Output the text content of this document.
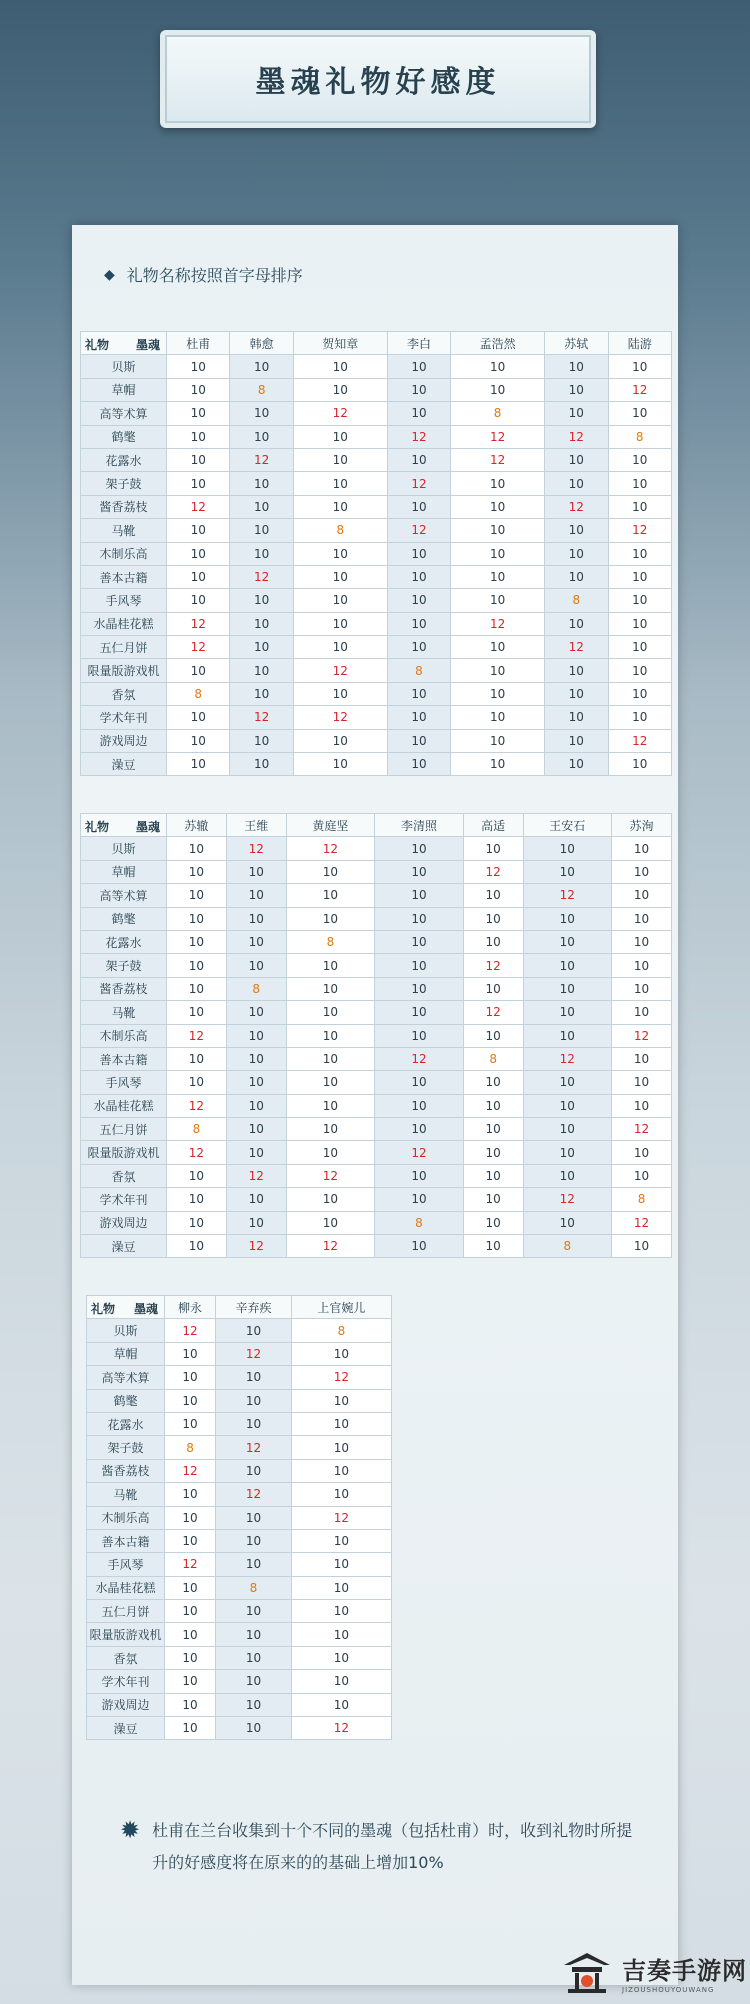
墨魂礼物好感度
◆ 礼物名称按照首字母排序
礼物 墨魂	杜甫	韩愈	贺知章	李白	孟浩然	苏轼	陆游
贝斯	10	10	10	10	10	10	10
草帽	10	8	10	10	10	10	12
高等术算	10	10	12	10	8	10	10
鹤氅	10	10	10	12	12	12	8
花露水	10	12	10	10	12	10	10
架子鼓	10	10	10	12	10	10	10
酱香荔枝	12	10	10	10	10	12	10
马靴	10	10	8	12	10	10	12
木制乐高	10	10	10	10	10	10	10
善本古籍	10	12	10	10	10	10	10
手风琴	10	10	10	10	10	8	10
水晶桂花糕	12	10	10	10	12	10	10
五仁月饼	12	10	10	10	10	12	10
限量版游戏机	10	10	12	8	10	10	10
香氛	8	10	10	10	10	10	10
学术年刊	10	12	12	10	10	10	10
游戏周边	10	10	10	10	10	10	12
澡豆	10	10	10	10	10	10	10
礼物 墨魂	苏辙	王维	黄庭坚	李清照	高适	王安石	苏洵
贝斯	10	12	12	10	10	10	10
草帽	10	10	10	10	12	10	10
高等术算	10	10	10	10	10	12	10
鹤氅	10	10	10	10	10	10	10
花露水	10	10	8	10	10	10	10
架子鼓	10	10	10	10	12	10	10
酱香荔枝	10	8	10	10	10	10	10
马靴	10	10	10	10	12	10	10
木制乐高	12	10	10	10	10	10	12
善本古籍	10	10	10	12	8	12	10
手风琴	10	10	10	10	10	10	10
水晶桂花糕	12	10	10	10	10	10	10
五仁月饼	8	10	10	10	10	10	12
限量版游戏机	12	10	10	12	10	10	10
香氛	10	12	12	10	10	10	10
学术年刊	10	10	10	10	10	12	8
游戏周边	10	10	10	8	10	10	12
澡豆	10	12	12	10	10	8	10
礼物 墨魂	柳永	辛弃疾	上官婉儿
贝斯	12	10	8
草帽	10	12	10
高等术算	10	10	12
鹤氅	10	10	10
花露水	10	10	10
架子鼓	8	12	10
酱香荔枝	12	10	10
马靴	10	12	10
木制乐高	10	10	12
善本古籍	10	10	10
手风琴	12	10	10
水晶桂花糕	10	8	10
五仁月饼	10	10	10
限量版游戏机	10	10	10
香氛	10	10	10
学术年刊	10	10	10
游戏周边	10	10	10
澡豆	10	10	12
✹ 杜甫在兰台收集到十个不同的墨魂（包括杜甫）时，收到礼物时所提升的好感度将在原来的的基础上增加10%
吉奏手游网
JIZOUSHOUYOUWANG
